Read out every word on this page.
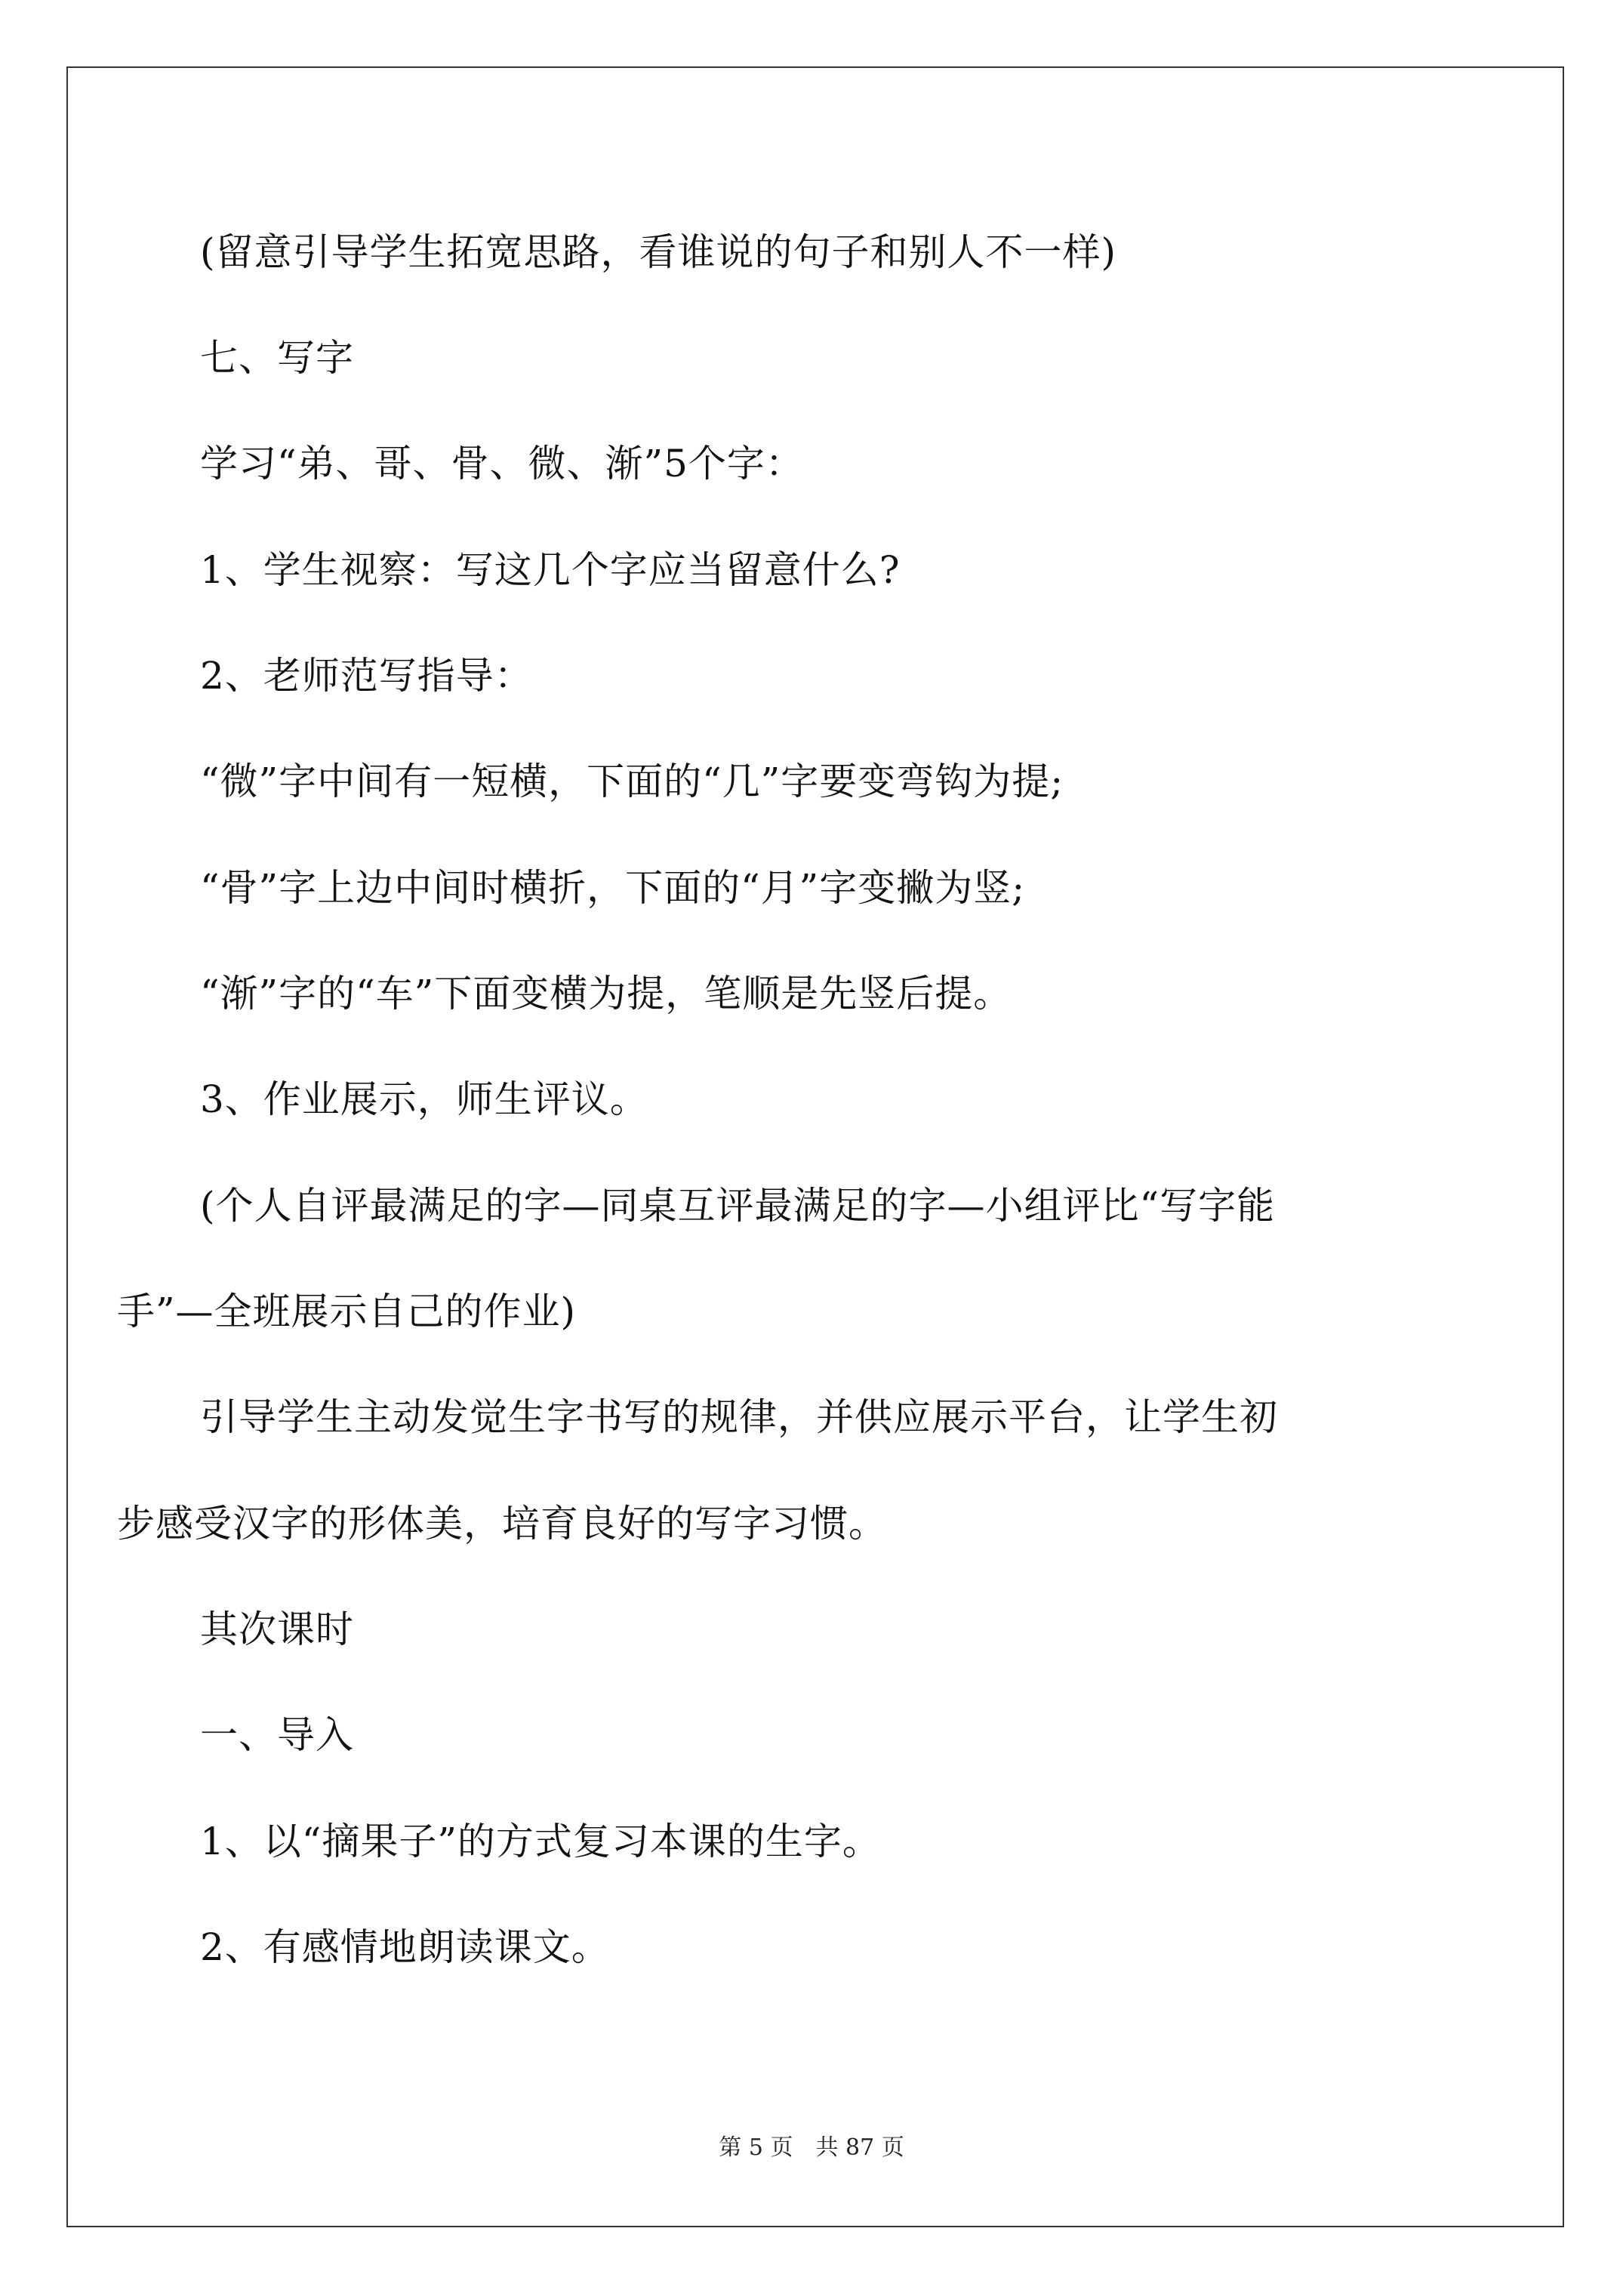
(留意引导学生拓宽思路，看谁说的句子和别人不一样)
七、写字
学习“弟、哥、骨、微、渐”5个字：
1、学生视察：写这几个字应当留意什么?
2、老师范写指导：
“微”字中间有一短横，下面的“几”字要变弯钩为提;
“骨”字上边中间时横折，下面的“月”字变撇为竖;
“渐”字的“车”下面变横为提，笔顺是先竖后提。
3、作业展示，师生评议。
(个人自评最满足的字—同桌互评最满足的字—小组评比“写字能
手”—全班展示自己的作业)
引导学生主动发觉生字书写的规律，并供应展示平台，让学生初
步感受汉字的形体美，培育良好的写字习惯。
其次课时
一、导入
1、以“摘果子”的方式复习本课的生字。
2、有感情地朗读课文。
第 5 页　共 87 页
